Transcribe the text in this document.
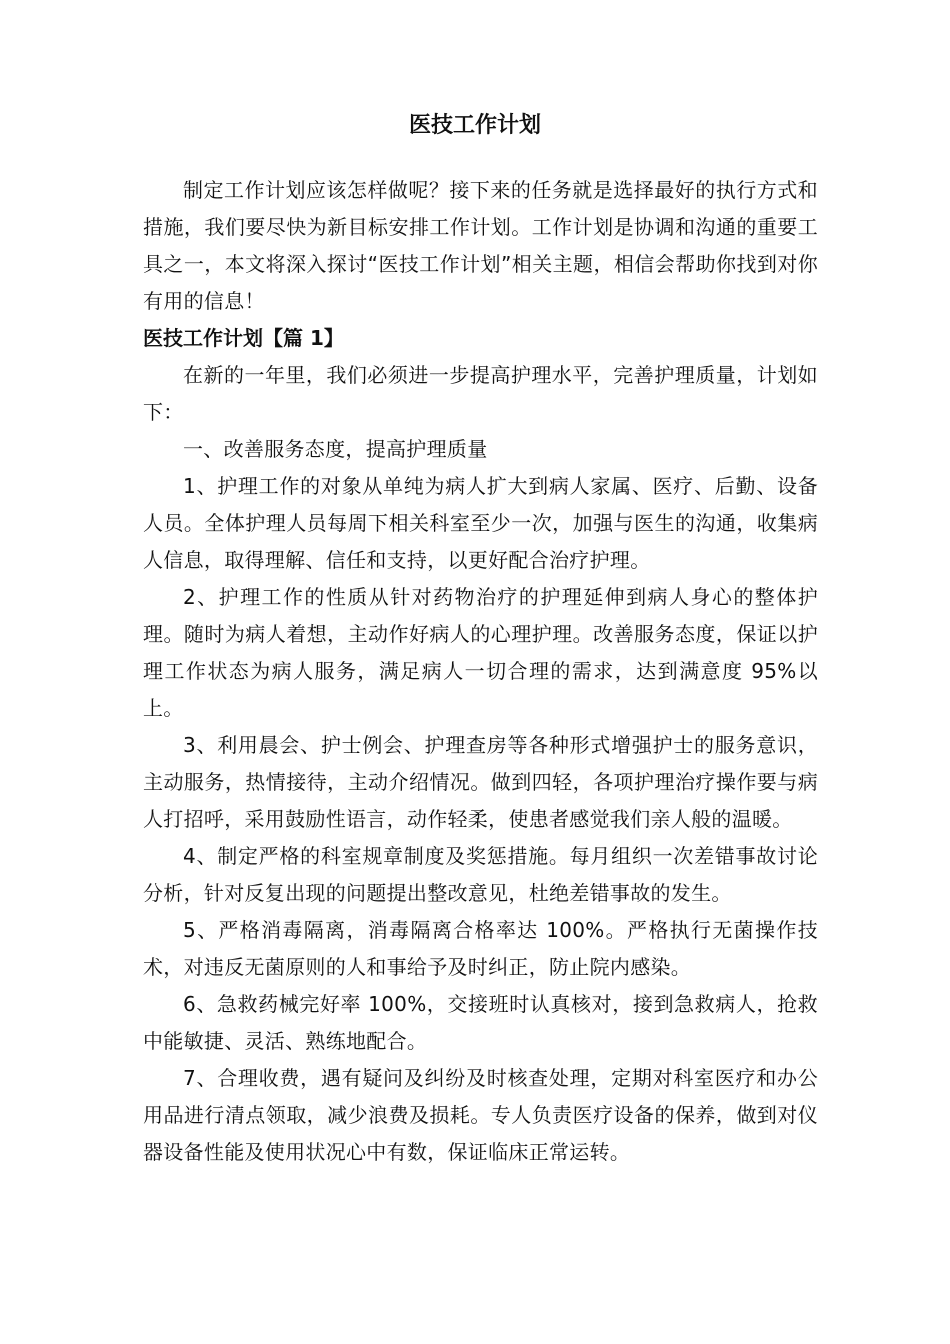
医技工作计划

制定工作计划应该怎样做呢？接下来的任务就是选择最好的执行方式和措施，我们要尽快为新目标安排工作计划。工作计划是协调和沟通的重要工具之一，本文将深入探讨“医技工作计划”相关主题，相信会帮助你找到对你有用的信息！

医技工作计划【篇 1】

在新的一年里，我们必须进一步提高护理水平，完善护理质量，计划如下：

一、改善服务态度，提高护理质量

1、护理工作的对象从单纯为病人扩大到病人家属、医疗、后勤、设备人员。全体护理人员每周下相关科室至少一次，加强与医生的沟通，收集病人信息，取得理解、信任和支持，以更好配合治疗护理。

2、护理工作的性质从针对药物治疗的护理延伸到病人身心的整体护理。随时为病人着想，主动作好病人的心理护理。改善服务态度，保证以护理工作状态为病人服务，满足病人一切合理的需求，达到满意度 95%以上。

3、利用晨会、护士例会、护理查房等各种形式增强护士的服务意识，主动服务，热情接待，主动介绍情况。做到四轻，各项护理治疗操作要与病人打招呼，采用鼓励性语言，动作轻柔，使患者感觉我们亲人般的温暖。

4、制定严格的科室规章制度及奖惩措施。每月组织一次差错事故讨论分析，针对反复出现的问题提出整改意见，杜绝差错事故的发生。

5、严格消毒隔离，消毒隔离合格率达 100%。严格执行无菌操作技术，对违反无菌原则的人和事给予及时纠正，防止院内感染。

6、急救药械完好率 100%，交接班时认真核对，接到急救病人，抢救中能敏捷、灵活、熟练地配合。

7、合理收费，遇有疑问及纠纷及时核查处理，定期对科室医疗和办公用品进行清点领取，减少浪费及损耗。专人负责医疗设备的保养，做到对仪器设备性能及使用状况心中有数，保证临床正常运转。
